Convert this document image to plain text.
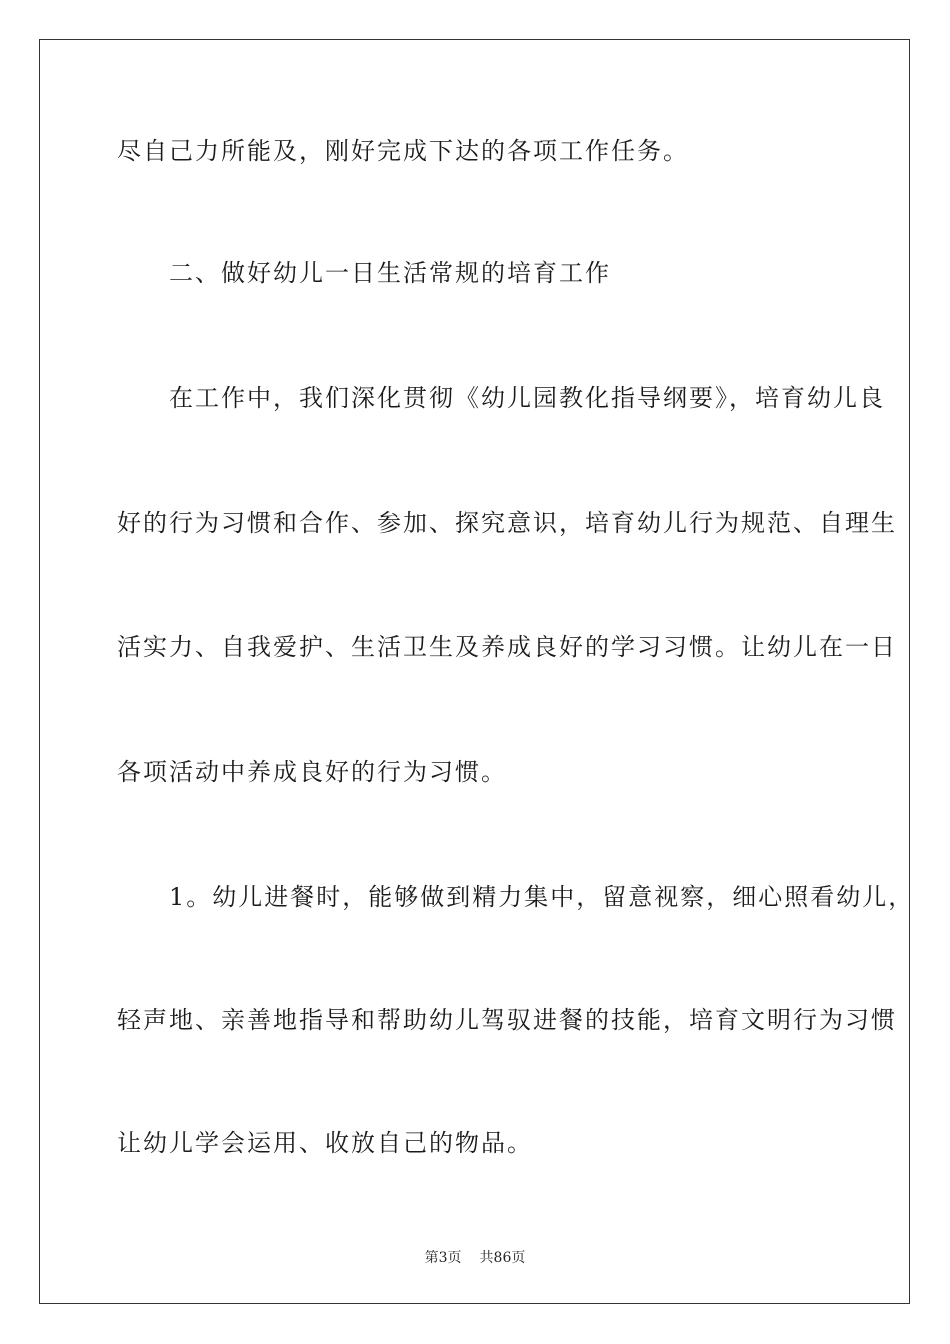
尽自己力所能及，刚好完成下达的各项工作任务。
　　二、做好幼儿一日生活常规的培育工作
　　在工作中，我们深化贯彻《幼儿园教化指导纲要》，培育幼儿良
好的行为习惯和合作、参加、探究意识，培育幼儿行为规范、自理生
活实力、自我爱护、生活卫生及养成良好的学习习惯。让幼儿在一日
各项活动中养成良好的行为习惯。
　　1。幼儿进餐时，能够做到精力集中，留意视察，细心照看幼儿，
轻声地、亲善地指导和帮助幼儿驾驭进餐的技能，培育文明行为习惯
让幼儿学会运用、收放自己的物品。
第3页 共86页
